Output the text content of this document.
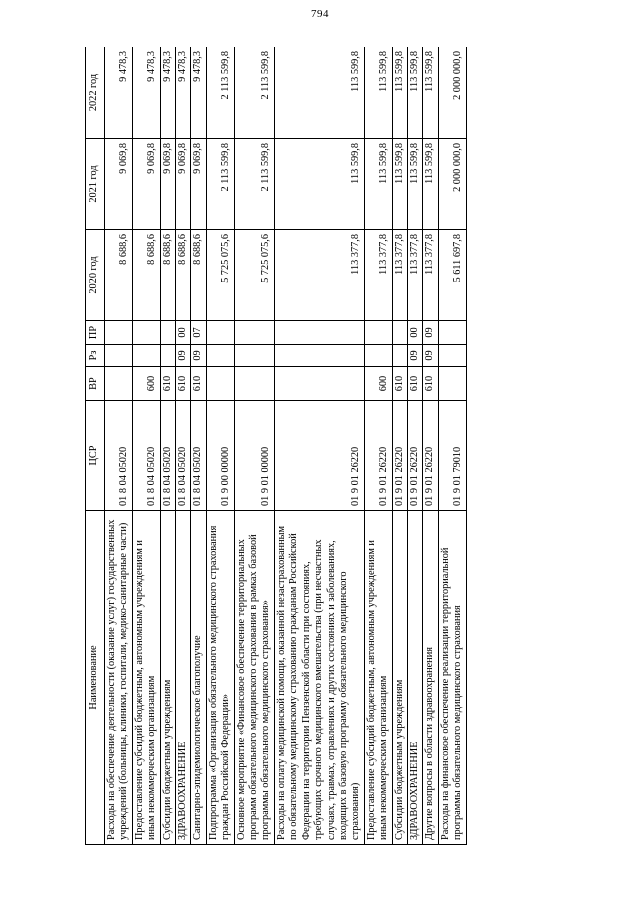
794
Наименование	ЦСР	ВР	Рз	ПР	2020 год	2021 год	2022 год
Расходы на обеспечение деятельности (оказание услуг) государственных учреждений (больницы, клиники, госпитали, медико-санитарные части)	01 8 04 05020				8 688,6	9 069,8	9 478,3
Предоставление субсидий бюджетным, автономным учреждениям и иным некоммерческим организациям	01 8 04 05020	600			8 688,6	9 069,8	9 478,3
Субсидии бюджетным учреждениям	01 8 04 05020	610			8 688,6	9 069,8	9 478,3
ЗДРАВООХРАНЕНИЕ	01 8 04 05020	610	09	00	8 688,6	9 069,8	9 478,3
Санитарно-эпидемиологическое благополучие	01 8 04 05020	610	09	07	8 688,6	9 069,8	9 478,3
Подпрограмма «Организация обязательного медицинского страхования граждан Российской Федерации»	01 9 00 00000				5 725 075,6	2 113 599,8	2 113 599,8
Основное мероприятие «Финансовое обеспечение территориальных программ обязательного медицинского страхования в рамках базовой программы обязательного медицинского страхования»	01 9 01 00000				5 725 075,6	2 113 599,8	2 113 599,8
Расходы на оплату медицинской помощи, оказанной незастрахованным по обязательному медицинскому страхованию гражданам Российской Федерации на территории Пензенской области при состояниях, требующих срочного медицинского вмешательства (при несчастных случаях, травмах, отравлениях и других состояниях и заболеваниях, входящих в базовую программу обязательного медицинского страхования)	01 9 01 26220				113 377,8	113 599,8	113 599,8
Предоставление субсидий бюджетным, автономным учреждениям и иным некоммерческим организациям	01 9 01 26220	600			113 377,8	113 599,8	113 599,8
Субсидии бюджетным учреждениям	01 9 01 26220	610			113 377,8	113 599,8	113 599,8
ЗДРАВООХРАНЕНИЕ	01 9 01 26220	610	09	00	113 377,8	113 599,8	113 599,8
Другие вопросы в области здравоохранения	01 9 01 26220	610	09	09	113 377,8	113 599,8	113 599,8
Расходы на финансовое обеспечение реализации территориальной программы обязательного медицинского страхования	01 9 01 79010				5 611 697,8	2 000 000,0	2 000 000,0
